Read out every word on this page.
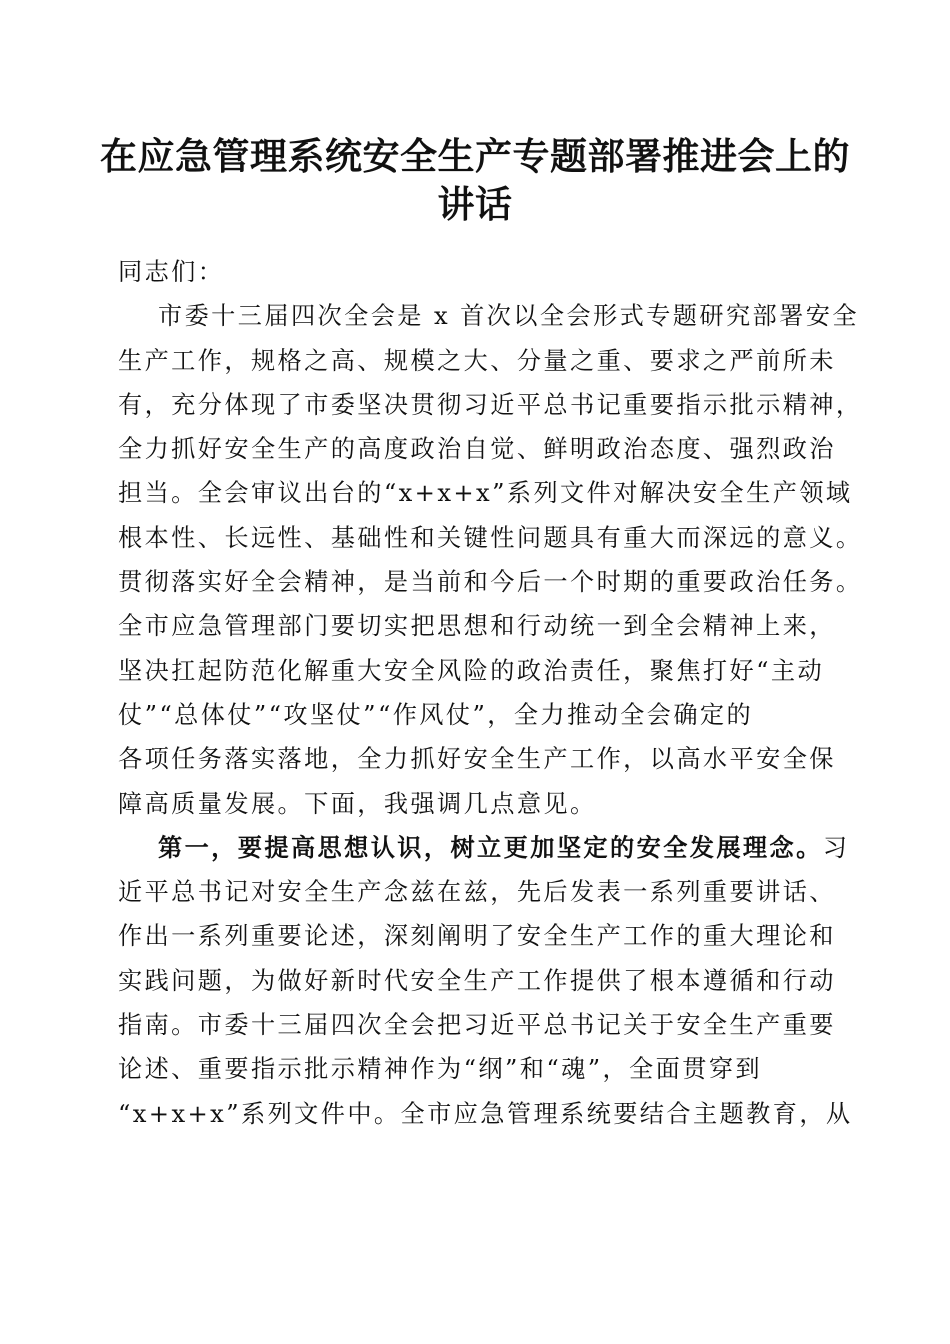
在应急管理系统安全生产专题部署推进会上的
讲话
同志们：
市委十三届四次全会是 x 首次以全会形式专题研究部署安全
生产工作，规格之高、规模之大、分量之重、要求之严前所未
有，充分体现了市委坚决贯彻习近平总书记重要指示批示精神，
全力抓好安全生产的高度政治自觉、鲜明政治态度、强烈政治
担当。全会审议出台的“x+x+x”系列文件对解决安全生产领域
根本性、长远性、基础性和关键性问题具有重大而深远的意义。
贯彻落实好全会精神，是当前和今后一个时期的重要政治任务。
全市应急管理部门要切实把思想和行动统一到全会精神上来，
坚决扛起防范化解重大安全风险的政治责任，聚焦打好“主动
仗”“总体仗”“攻坚仗”“作风仗”，全力推动全会确定的
各项任务落实落地，全力抓好安全生产工作，以高水平安全保
障高质量发展。下面，我强调几点意见。
第一，要提高思想认识，树立更加坚定的安全发展理念。习
近平总书记对安全生产念兹在兹，先后发表一系列重要讲话、
作出一系列重要论述，深刻阐明了安全生产工作的重大理论和
实践问题，为做好新时代安全生产工作提供了根本遵循和行动
指南。市委十三届四次全会把习近平总书记关于安全生产重要
论述、重要指示批示精神作为“纲”和“魂”，全面贯穿到
“x+x+x”系列文件中。全市应急管理系统要结合主题教育，从
